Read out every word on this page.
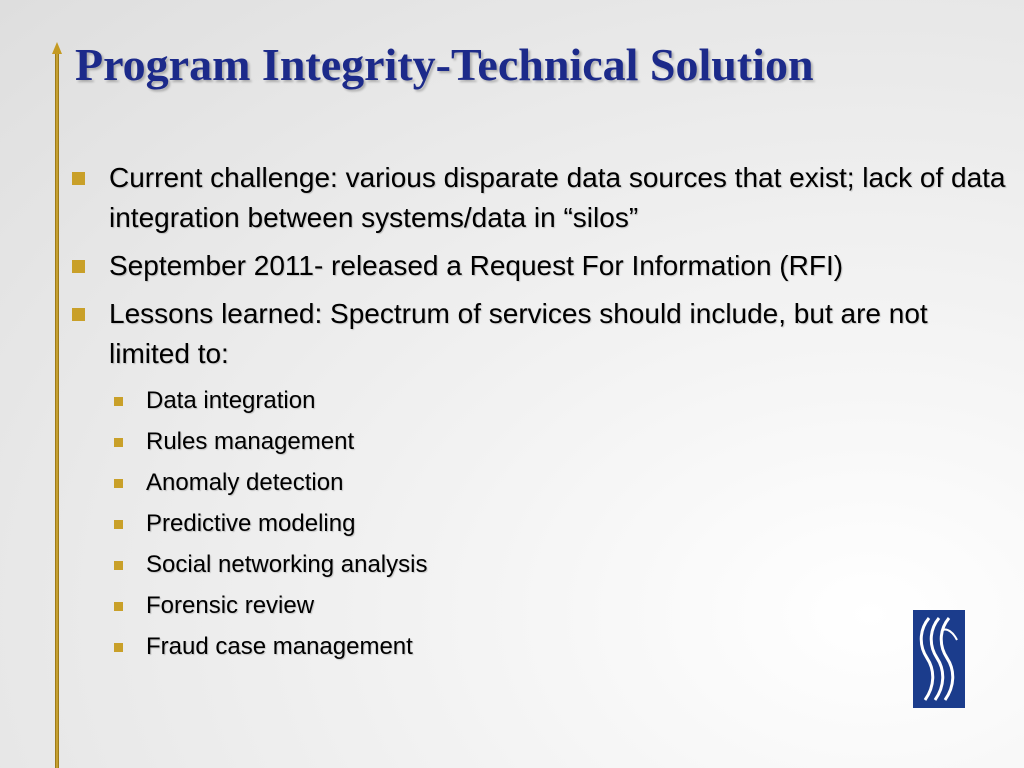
Program Integrity-Technical Solution
Current challenge: various disparate data sources that exist; lack of data integration between systems/data in “silos”
September 2011- released a Request For Information (RFI)
Lessons learned: Spectrum of services should include, but are not limited to:
Data integration
Rules management
Anomaly detection
Predictive modeling
Social networking analysis
Forensic review
Fraud case management
